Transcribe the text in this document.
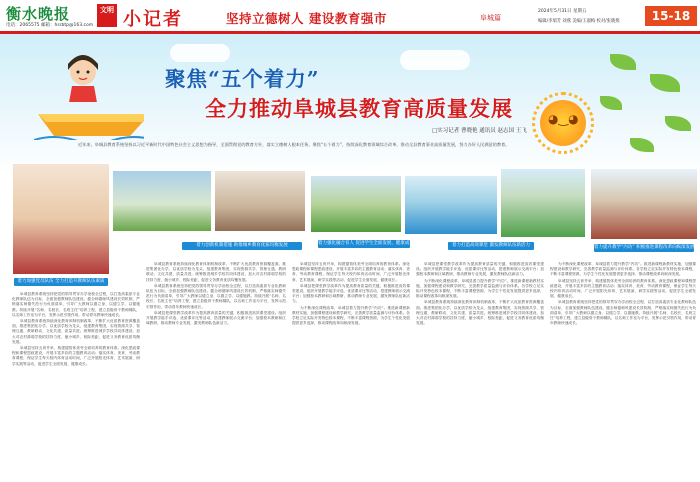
衡水晚报
电话：2065575 邮箱：hsrbtp@163.com
文明 小记者	坚持立德树人 建设教育强市	阜城篇
2024年5月31日 星期五
编辑/李瑞芳 刘燕 美编/王淑梅 校对/张晓燕	15-18
◕‿◕
聚焦“五个着力”
全力推动阜城县教育高质量发展
□实习记者 曹晓艳 通讯员 赵志国 王飞
近年来，阜城县教育系统坚持以习近平新时代中国特色社会主义思想为指导，全面贯彻党的教育方针，落实立德树人根本任务，聚焦“五个着力”，持续深化教育领域综合改革，推动全县教育事业高质量发展，努力办好人民满意的教育。
着力加强党员队伍 全力打造升教师队伍素质
着力创新机制措施 助推城乡教育优质均衡发展	着力强化融合育人 促进学生全面发展、健康成长	着力打造高效课堂 激发教师队伍新活力	着力提升教学“内功” 积极推进课程改革向纵深发展

阜城县教育系统坚持把党的领导贯穿办学治校全过程，以打造高素质专业化教师队伍为目标，全面加强教师队伍建设。健全师德师风建设长效机制，严格落实师德失范行为负面清单，引导广大教师以德立身、以德立学、以德施教。持续开展“名师、名校长、名班主任”培养工程，建立县级骨干教师梯队，以名师工作室为平台，发挥示范引领作用，带动青年教师快速成长。

阜城县教育系统持续深化教育体制机制改革，不断扩大优质教育资源覆盖面。推进集团化办学，以优质学校为龙头，组建教育集团，实现资源共享、管理互通、教研联动、文化共建、质量共进。统筹推进城乡学校共同体建设，加大对农村薄弱学校的扶持力度，缩小城乡、校际差距，促进义务教育优质均衡发展。

阜城县坚持五育并举，构建德智体美劳全面培养的教育体系。深化思政课程和课程思政建设，开展丰富多彩的主题教育活动；落实体育、美育、劳动教育课程，保证学生每天校内体育活动时间，广泛开展阳光体育、艺术展演、研学实践等活动，促进学生全面发展、健康成长。

阜城县教育系统持续深化教育体制机制改革，不断扩大优质教育资源覆盖面。推进集团化办学，以优质学校为龙头，组建教育集团，实现资源共享、管理互通、教研联动、文化共建、质量共进。统筹推进城乡学校共同体建设，加大对农村薄弱学校的扶持力度，缩小城乡、校际差距，促进义务教育优质均衡发展。

阜城县教育系统坚持把党的领导贯穿办学治校全过程，以打造高素质专业化教师队伍为目标，全面加强教师队伍建设。健全师德师风建设长效机制，严格落实师德失范行为负面清单，引导广大教师以德立身、以德立学、以德施教。持续开展“名师、名校长、名班主任”培养工程，建立县级骨干教师梯队，以名师工作室为平台，发挥示范引领作用，带动青年教师快速成长。

阜城县把课堂教学改革作为提高教育质量的关键，积极推进高效课堂建设。组织开展教学能手评选、优质课评比等活动，搭建教师展示交流平台；加强校本教研和区域教研，推动教师专业发展，激发教师队伍新活力。

阜城县坚持五育并举，构建德智体美劳全面培养的教育体系。深化思政课程和课程思政建设，开展丰富多彩的主题教育活动；落实体育、美育、劳动教育课程，保证学生每天校内体育活动时间，广泛开展阳光体育、艺术展演、研学实践等活动，促进学生全面发展、健康成长。

阜城县把课堂教学改革作为提高教育质量的关键，积极推进高效课堂建设。组织开展教学能手评选、优质课评比等活动，搭建教师展示交流平台；加强校本教研和区域教研，推动教师专业发展，激发教师队伍新活力。

为不断深化课程改革，阜城县着力提升教学“内功”。推进新课程新教材实施，加强课程建设和教学研究，完善教学质量监测与评价体系。各学校立足实际开发特色校本课程，不断丰富课程资源，为学生个性化发展提供更多选择，推动课程改革向纵深发展。

阜城县把课堂教学改革作为提高教育质量的关键，积极推进高效课堂建设。组织开展教学能手评选、优质课评比等活动，搭建教师展示交流平台；加强校本教研和区域教研，推动教师专业发展，激发教师队伍新活力。

为不断深化课程改革，阜城县着力提升教学“内功”。推进新课程新教材实施，加强课程建设和教学研究，完善教学质量监测与评价体系。各学校立足实际开发特色校本课程，不断丰富课程资源，为学生个性化发展提供更多选择，推动课程改革向纵深发展。

阜城县教育系统持续深化教育体制机制改革，不断扩大优质教育资源覆盖面。推进集团化办学，以优质学校为龙头，组建教育集团，实现资源共享、管理互通、教研联动、文化共建、质量共进。统筹推进城乡学校共同体建设，加大对农村薄弱学校的扶持力度，缩小城乡、校际差距，促进义务教育优质均衡发展。

为不断深化课程改革，阜城县着力提升教学“内功”。推进新课程新教材实施，加强课程建设和教学研究，完善教学质量监测与评价体系。各学校立足实际开发特色校本课程，不断丰富课程资源，为学生个性化发展提供更多选择，推动课程改革向纵深发展。

阜城县坚持五育并举，构建德智体美劳全面培养的教育体系。深化思政课程和课程思政建设，开展丰富多彩的主题教育活动；落实体育、美育、劳动教育课程，保证学生每天校内体育活动时间，广泛开展阳光体育、艺术展演、研学实践等活动，促进学生全面发展、健康成长。

阜城县教育系统坚持把党的领导贯穿办学治校全过程，以打造高素质专业化教师队伍为目标，全面加强教师队伍建设。健全师德师风建设长效机制，严格落实师德失范行为负面清单，引导广大教师以德立身、以德立学、以德施教。持续开展“名师、名校长、名班主任”培养工程，建立县级骨干教师梯队，以名师工作室为平台，发挥示范引领作用，带动青年教师快速成长。
